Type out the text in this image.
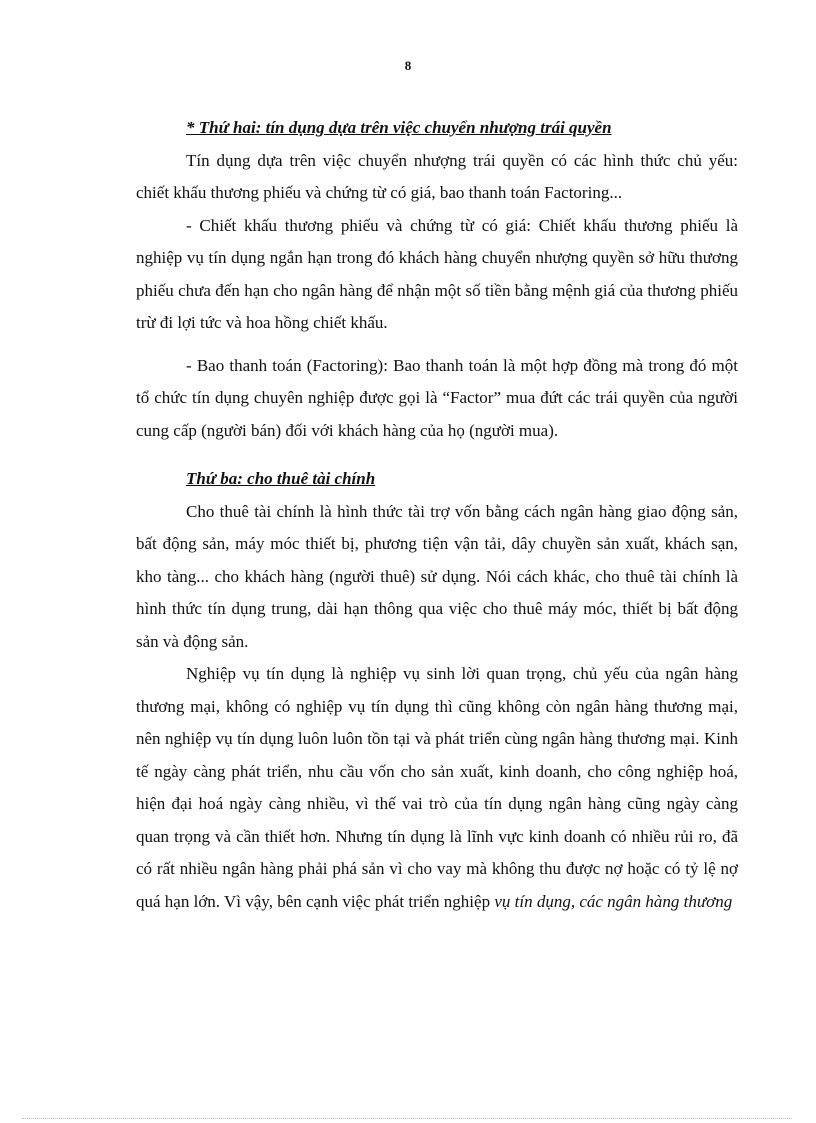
8

* Thứ hai: tín dụng dựa trên việc chuyển nhượng trái quyền

Tín dụng dựa trên việc chuyển nhượng trái quyền có các hình thức chủ yếu: chiết khấu thương phiếu và chứng từ có giá, bao thanh toán Factoring...

- Chiết khấu thương phiếu và chứng từ có giá: Chiết khấu thương phiếu là nghiệp vụ tín dụng ngắn hạn trong đó khách hàng chuyển nhượng quyền sở hữu thương phiếu chưa đến hạn cho ngân hàng để nhận một số tiền bằng mệnh giá của thương phiếu trừ đi lợi tức và hoa hồng chiết khấu.

- Bao thanh toán (Factoring): Bao thanh toán là một hợp đồng mà trong đó một tổ chức tín dụng chuyên nghiệp được gọi là “Factor” mua đứt các trái quyền của người cung cấp (người bán) đối với khách hàng của họ (người mua).

Thứ ba: cho thuê tài chính

Cho thuê tài chính là hình thức tài trợ vốn bằng cách ngân hàng giao động sản, bất động sản, máy móc thiết bị, phương tiện vận tải, dây chuyền sản xuất, khách sạn, kho tàng... cho khách hàng (người thuê) sử dụng. Nói cách khác, cho thuê tài chính là hình thức tín dụng trung, dài hạn thông qua việc cho thuê máy móc, thiết bị bất động sản và động sản.

Nghiệp vụ tín dụng là nghiệp vụ sinh lời quan trọng, chủ yếu của ngân hàng thương mại, không có nghiệp vụ tín dụng thì cũng không còn ngân hàng thương mại, nên nghiệp vụ tín dụng luôn luôn tồn tại và phát triển cùng ngân hàng thương mại. Kinh tế ngày càng phát triển, nhu cầu vốn cho sản xuất, kinh doanh, cho công nghiệp hoá, hiện đại hoá ngày càng nhiều, vì thế vai trò của tín dụng ngân hàng cũng ngày càng quan trọng và cần thiết hơn. Nhưng tín dụng là lĩnh vực kinh doanh có nhiều rủi ro, đã có rất nhiều ngân hàng phải phá sản vì cho vay mà không thu được nợ hoặc có tỷ lệ nợ quá hạn lớn. Vì vậy, bên cạnh việc phát triển nghiệp vụ tín dụng, các ngân hàng thương
